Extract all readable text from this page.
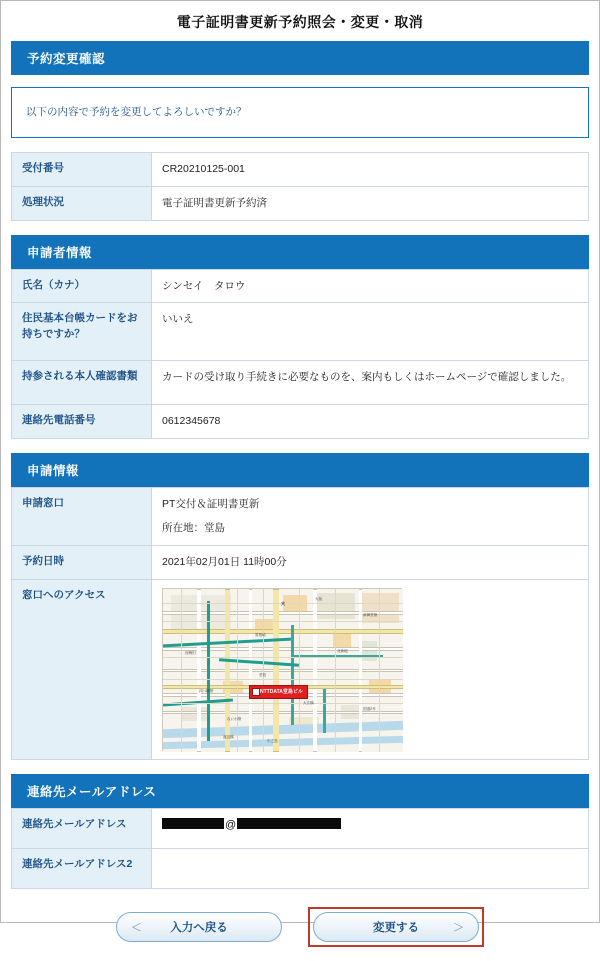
電子証明書更新予約照会・変更・取消
予約変更確認
以下の内容で予約を変更してよろしいですか？
受付番号	CR20210125-001
処理状況	電子証明書更新予約済
申請者情報
氏名（カナ）	シンセイ　タロウ
住民基本台帳カードをお持ちですか？	いいえ
持参される本人確認書類	カードの受け取り手続きに必要なものを、案内もしくはホームページで確認しました。
連絡先電話番号	0612345678
申請情報
申請窓口	PT交付＆証明書更新
所在地：堂島

予約日時	2021年02月01日 11時00分
窓口へのアクセス	
大
大阪
曽根崎
堂島
中之島
西梅田	北新地
四つ橋筋
なにわ筋
新御堂筋
国道2号
大江橋
渡辺橋
NTTDATA堂島ビル
連絡先メールアドレス
連絡先メールアドレス	@
連絡先メールアドレス2	
＜ 入力へ戻る	変更する	＞
